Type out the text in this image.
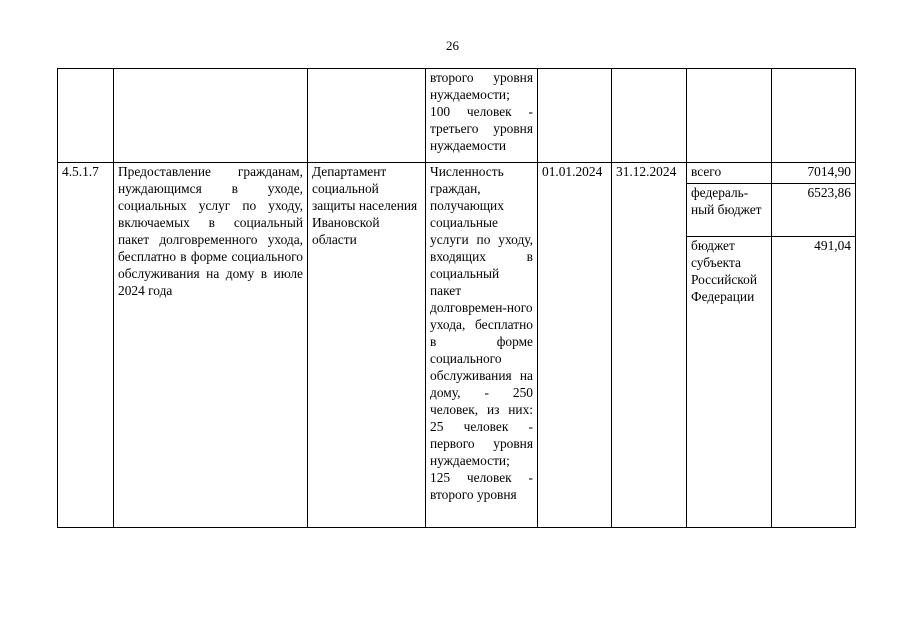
26
			второго уровня нуждаемости; 100 человек - третьего уровня нуждаемости				
4.5.1.7	Предоставление гражданам, нуждающимся в уходе, социальных услуг по уходу, включаемых в социальный пакет долговременного ухода, бесплатно в форме социального обслуживания на дому в июле 2024 года	Департамент социальной защиты населения Ивановской области	Численность граждан, получающих социальные услуги по уходу, входящих в социальный пакет долговремен-ного ухода, бесплатно в форме социального обслуживания на дому, - 250 человек, из них: 25 человек - первого уровня нуждаемости; 125 человек - второго уровня	01.01.2024	31.12.2024	всего	7014,90
						федераль-ный бюджет	6523,86
						бюджет субъекта Российской Федерации	491,04
